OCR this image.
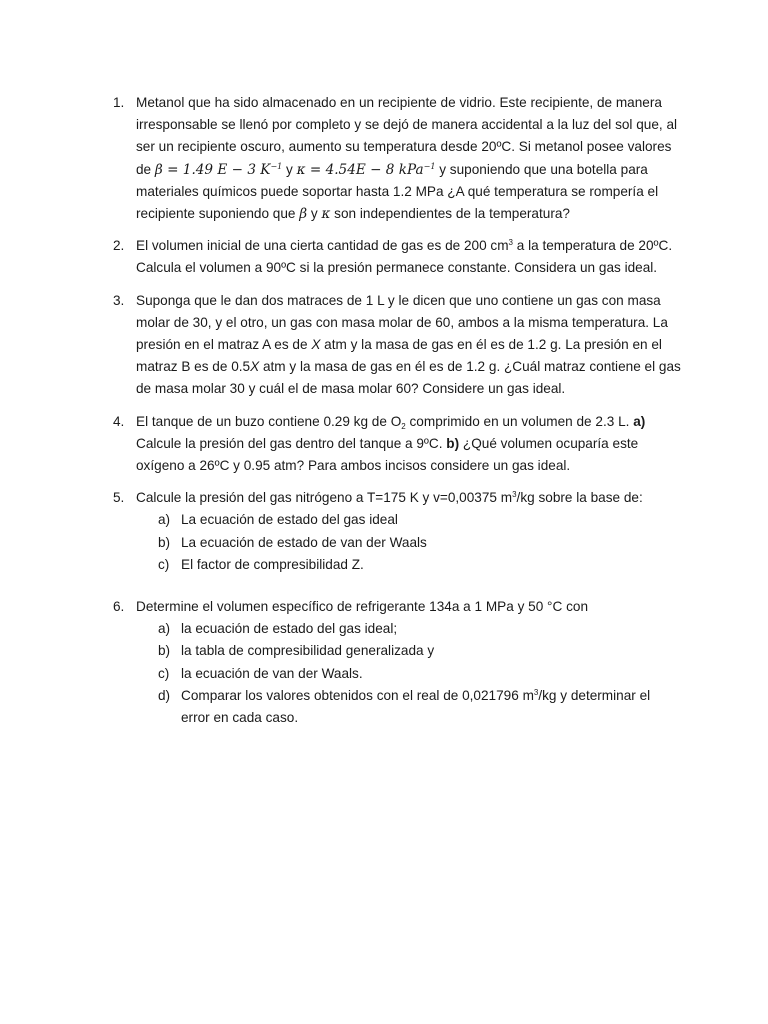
1. Metanol que ha sido almacenado en un recipiente de vidrio. Este recipiente, de manera irresponsable se llenó por completo y se dejó de manera accidental a la luz del sol que, al ser un recipiente oscuro, aumento su temperatura desde 20ºC. Si metanol posee valores de β = 1.49 E − 3 $K^{-1}$ y κ = 4.54E − 8 kPa$^{-1}$ y suponiendo que una botella para materiales químicos puede soportar hasta 1.2 MPa ¿A qué temperatura se rompería el recipiente suponiendo que β y κ son independientes de la temperatura?
2. El volumen inicial de una cierta cantidad de gas es de 200 $cm^3$ a la temperatura de 20ºC. Calcula el volumen a 90ºC si la presión permanece constante. Considera un gas ideal.
3. Suponga que le dan dos matraces de 1 L y le dicen que uno contiene un gas con masa molar de 30, y el otro, un gas con masa molar de 60, ambos a la misma temperatura. La presión en el matraz A es de X atm y la masa de gas en él es de 1.2 g. La presión en el matraz B es de 0.5X atm y la masa de gas en él es de 1.2 g. ¿Cuál matraz contiene el gas de masa molar 30 y cuál el de masa molar 60? Considere un gas ideal.
4. El tanque de un buzo contiene 0.29 kg de $O_2$ comprimido en un volumen de 2.3 L. a) Calcule la presión del gas dentro del tanque a 9ºC. b) ¿Qué volumen ocuparía este oxígeno a 26ºC y 0.95 atm? Para ambos incisos considere un gas ideal.
5. Calcule la presión del gas nitrógeno a T=175 K y v=0,00375 $m^3/kg$ sobre la base de:
a) La ecuación de estado del gas ideal
b) La ecuación de estado de van der Waals
c) El factor de compresibilidad Z.
6. Determine el volumen específico de refrigerante 134a a 1 MPa y 50 °C con
a) la ecuación de estado del gas ideal;
b) la tabla de compresibilidad generalizada y
c) la ecuación de van der Waals.
d) Comparar los valores obtenidos con el real de 0,021796 $m^3/kg$ y determinar el error en cada caso.
